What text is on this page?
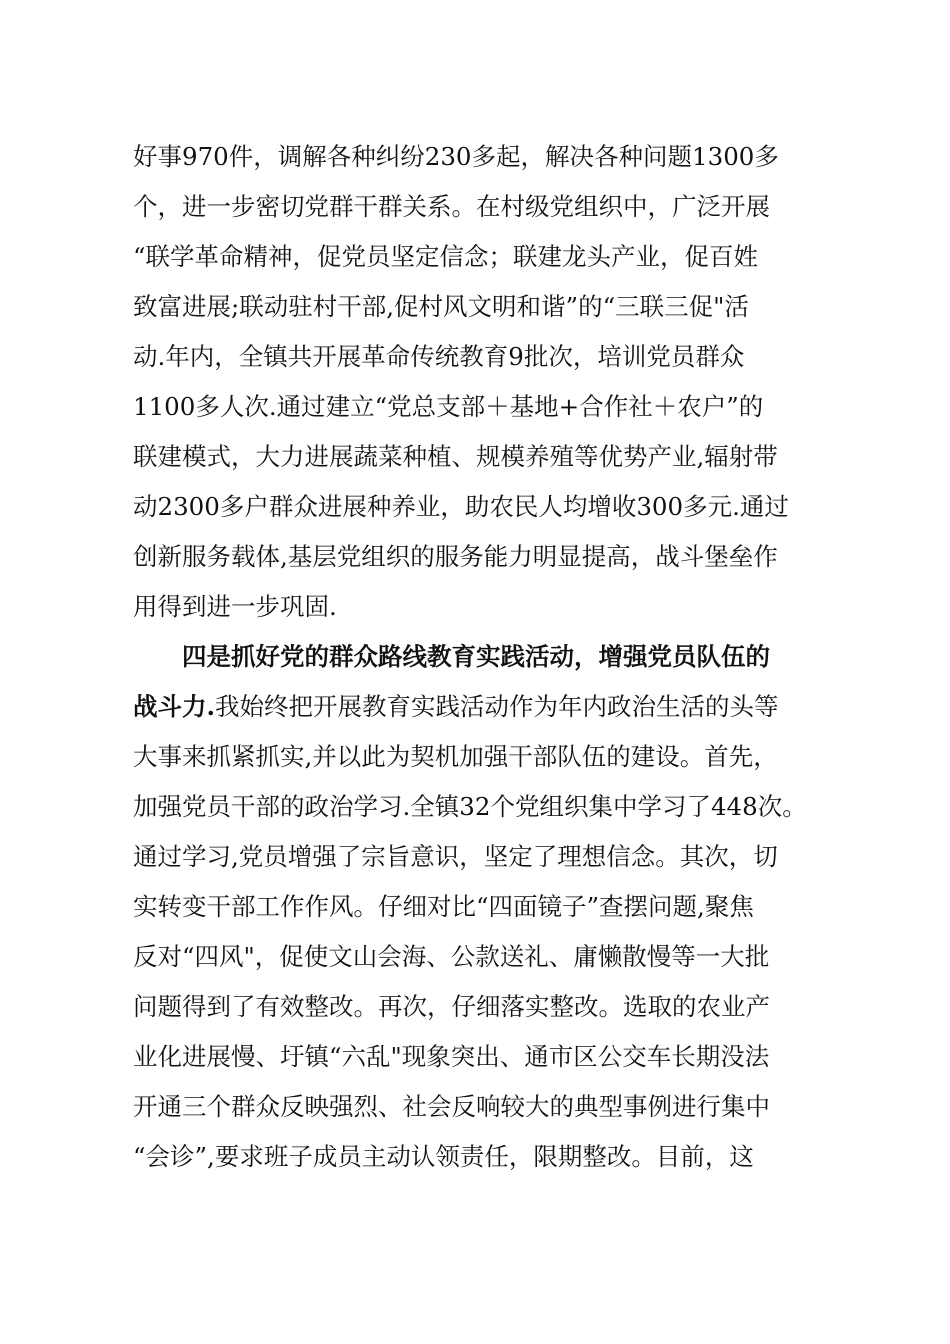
好事970件，调解各种纠纷230多起，解决各种问题1300多
个，进一步密切党群干群关系。在村级党组织中，广泛开展
“联学革命精神，促党员坚定信念；联建龙头产业，促百姓
致富进展;联动驻村干部,促村风文明和谐”的“三联三促"活
动.年内，全镇共开展革命传统教育9批次，培训党员群众
1100多人次.通过建立“党总支部＋基地+合作社＋农户”的
联建模式，大力进展蔬菜种植、规模养殖等优势产业,辐射带
动2300多户群众进展种养业，助农民人均增收300多元.通过
创新服务载体,基层党组织的服务能力明显提高，战斗堡垒作
用得到进一步巩固.
四是抓好党的群众路线教育实践活动，增强党员队伍的
战斗力.我始终把开展教育实践活动作为年内政治生活的头等
大事来抓紧抓实,并以此为契机加强干部队伍的建设。首先，
加强党员干部的政治学习.全镇32个党组织集中学习了448次。
通过学习,党员增强了宗旨意识，坚定了理想信念。其次，切
实转变干部工作作风。仔细对比“四面镜子”查摆问题,聚焦
反对“四风"，促使文山会海、公款送礼、庸懒散慢等一大批
问题得到了有效整改。再次，仔细落实整改。选取的农业产
业化进展慢、圩镇“六乱"现象突出、通市区公交车长期没法
开通三个群众反映强烈、社会反响较大的典型事例进行集中
“会诊”,要求班子成员主动认领责任，限期整改。目前，这
